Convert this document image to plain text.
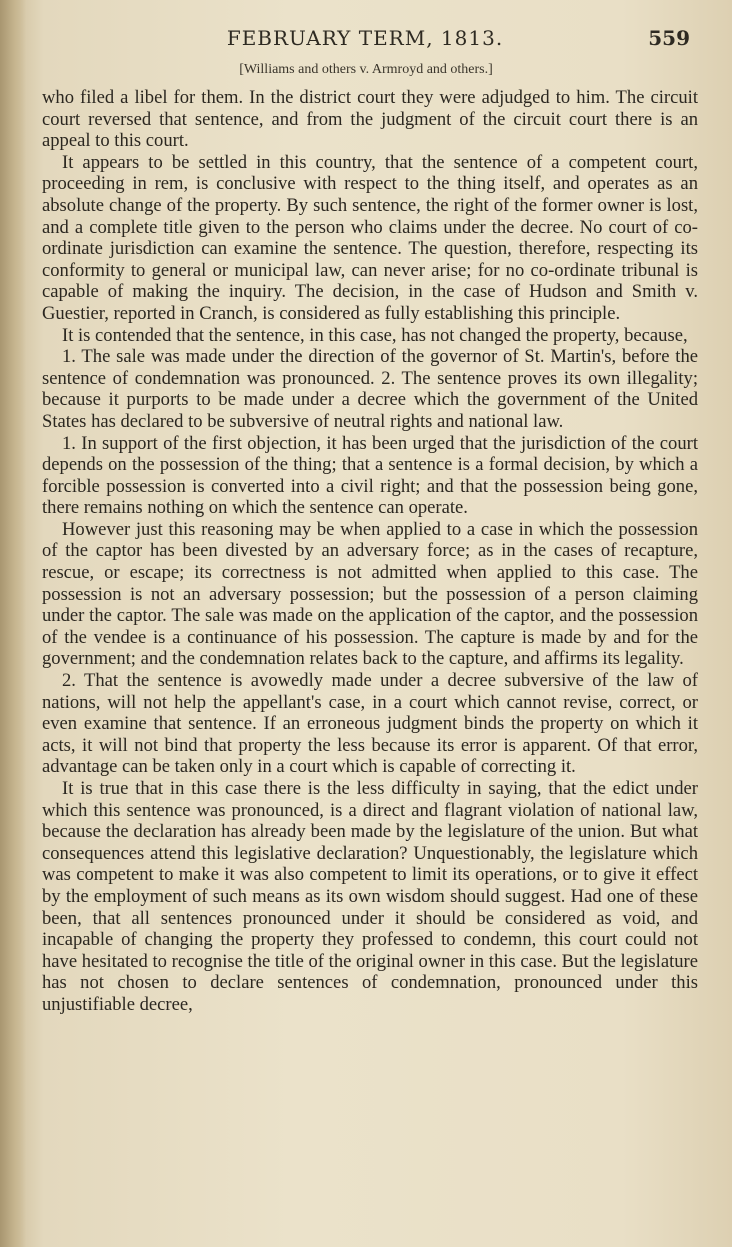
FEBRUARY TERM, 1813.	559
[Williams and others v. Armroyd and others.]

who filed a libel for them. In the district court they were adjudged to him. The circuit court reversed that sentence, and from the judgment of the circuit court there is an appeal to this court.

It appears to be settled in this country, that the sentence of a competent court, proceeding in rem, is conclusive with respect to the thing itself, and operates as an absolute change of the property. By such sentence, the right of the former owner is lost, and a complete title given to the person who claims under the decree. No court of co-ordinate jurisdiction can examine the sentence. The question, therefore, respecting its conformity to general or municipal law, can never arise; for no co-ordinate tribunal is capable of making the inquiry. The decision, in the case of Hudson and Smith v. Guestier, reported in Cranch, is considered as fully establishing this principle.

It is contended that the sentence, in this case, has not changed the property, because,

1. The sale was made under the direction of the governor of St. Martin's, before the sentence of condemnation was pronounced. 2. The sentence proves its own illegality; because it purports to be made under a decree which the government of the United States has declared to be subversive of neutral rights and national law.

1. In support of the first objection, it has been urged that the jurisdiction of the court depends on the possession of the thing; that a sentence is a formal decision, by which a forcible possession is converted into a civil right; and that the possession being gone, there remains nothing on which the sentence can operate.

However just this reasoning may be when applied to a case in which the possession of the captor has been divested by an adversary force; as in the cases of recapture, rescue, or escape; its correctness is not admitted when applied to this case. The possession is not an adversary possession; but the possession of a person claiming under the captor. The sale was made on the application of the captor, and the possession of the vendee is a continuance of his possession. The capture is made by and for the government; and the condemnation relates back to the capture, and affirms its legality.

2. That the sentence is avowedly made under a decree subversive of the law of nations, will not help the appellant's case, in a court which cannot revise, correct, or even examine that sentence. If an erroneous judgment binds the property on which it acts, it will not bind that property the less because its error is apparent. Of that error, advantage can be taken only in a court which is capable of correcting it.

It is true that in this case there is the less difficulty in saying, that the edict under which this sentence was pronounced, is a direct and flagrant violation of national law, because the declaration has already been made by the legislature of the union. But what consequences attend this legislative declaration? Unquestionably, the legislature which was competent to make it was also competent to limit its operations, or to give it effect by the employment of such means as its own wisdom should suggest. Had one of these been, that all sentences pronounced under it should be considered as void, and incapable of changing the property they professed to condemn, this court could not have hesitated to recognise the title of the original owner in this case. But the legislature has not chosen to declare sentences of condemnation, pronounced under this unjustifiable decree,
